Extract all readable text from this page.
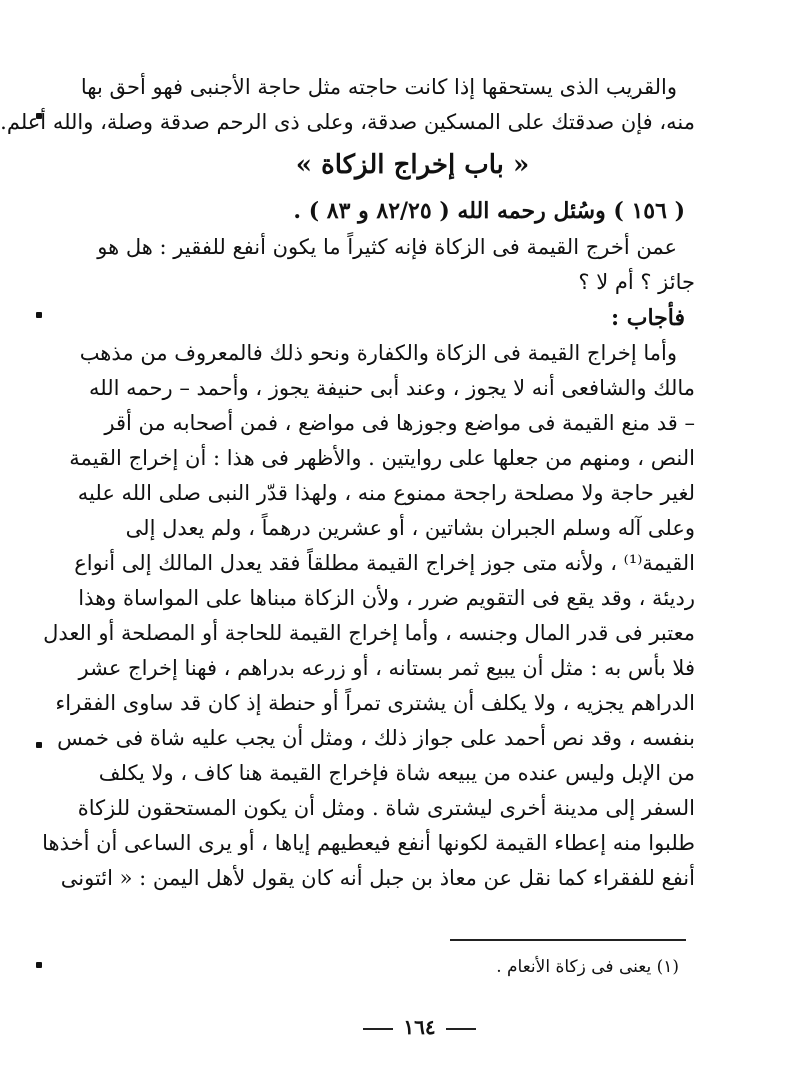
والقريب الذى يستحقها إذا كانت حاجته مثل حاجة الأجنبى فهو أحق بها
منه، فإن صدقتك على المسكين صدقة، وعلى ذى الرحم صدقة وصلة، والله أعلم.
« باب إخراج الزكاة »
( ١٥٦ ) وسُئل رحمه الله ( ٨٢/٢٥ و ٨٣ ) .
عمن أخرج القيمة فى الزكاة فإنه كثيراً ما يكون أنفع للفقير : هل هو
جائز ؟ أم لا ؟
فأجاب :
وأما إخراج القيمة فى الزكاة والكفارة ونحو ذلك فالمعروف من مذهب
مالك والشافعى أنه لا يجوز ، وعند أبى حنيفة يجوز ، وأحمد – رحمه الله
– قد منع القيمة فى مواضع وجوزها فى مواضع ، فمن أصحابه من أقر
النص ، ومنهم من جعلها على روايتين . والأظهر فى هذا : أن إخراج القيمة
لغير حاجة ولا مصلحة راجحة ممنوع منه ، ولهذا قدّر النبى صلى الله عليه
وعلى آله وسلم الجبران بشاتين ، أو عشرين درهماً ، ولم يعدل إلى
القيمة⁽¹⁾ ، ولأنه متى جوز إخراج القيمة مطلقاً فقد يعدل المالك إلى أنواع
رديئة ، وقد يقع فى التقويم ضرر ، ولأن الزكاة مبناها على المواساة وهذا
معتبر فى قدر المال وجنسه ، وأما إخراج القيمة للحاجة أو المصلحة أو العدل
فلا بأس به : مثل أن يبيع ثمر بستانه ، أو زرعه بدراهم ، فهنا إخراج عشر
الدراهم يجزيه ، ولا يكلف أن يشترى تمراً أو حنطة إذ كان قد ساوى الفقراء
بنفسه ، وقد نص أحمد على جواز ذلك ، ومثل أن يجب عليه شاة فى خمس
من الإبل وليس عنده من يبيعه شاة فإخراج القيمة هنا كاف ، ولا يكلف
السفر إلى مدينة أخرى ليشترى شاة . ومثل أن يكون المستحقون للزكاة
طلبوا منه إعطاء القيمة لكونها أنفع فيعطيهم إياها ، أو يرى الساعى أن أخذها
أنفع للفقراء كما نقل عن معاذ بن جبل أنه كان يقول لأهل اليمن : « ائتونى
(١) يعنى فى زكاة الأنعام .
١٦٤
